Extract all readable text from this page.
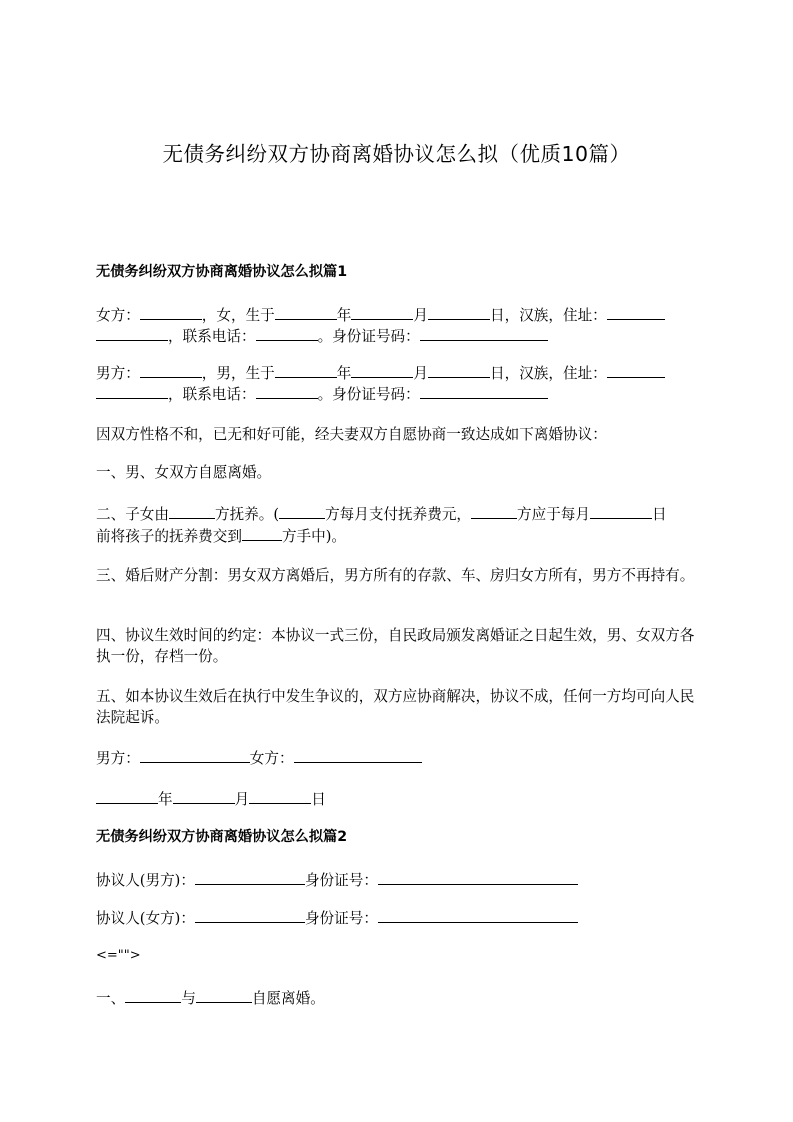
无债务纠纷双方协商离婚协议怎么拟（优质10篇）
无债务纠纷双方协商离婚协议怎么拟篇1
女方：	，女，生于	年	月	日，汉族，住址：
，联系电话：	。身份证号码：
男方：	，男，生于	年	月	日，汉族，住址：
，联系电话：	。身份证号码：
因双方性格不和，已无和好可能，经夫妻双方自愿协商一致达成如下离婚协议：
一、男、女双方自愿离婚。
二、子女由	方抚养。(	方每月支付抚养费元，	方应于每月	日
前将孩子的抚养费交到	方手中)。
三、婚后财产分割：男女双方离婚后，男方所有的存款、车、房归女方所有，男方不再持有。
四、协议生效时间的约定：本协议一式三份，自民政局颁发离婚证之日起生效，男、女双方各执一份，存档一份。
五、如本协议生效后在执行中发生争议的，双方应协商解决，协议不成，任何一方均可向人民法院起诉。
男方：	女方：
年	月	日
无债务纠纷双方协商离婚协议怎么拟篇2
协议人(男方)：	身份证号：
协议人(女方)：	身份证号：
<="">
一、	与	自愿离婚。
